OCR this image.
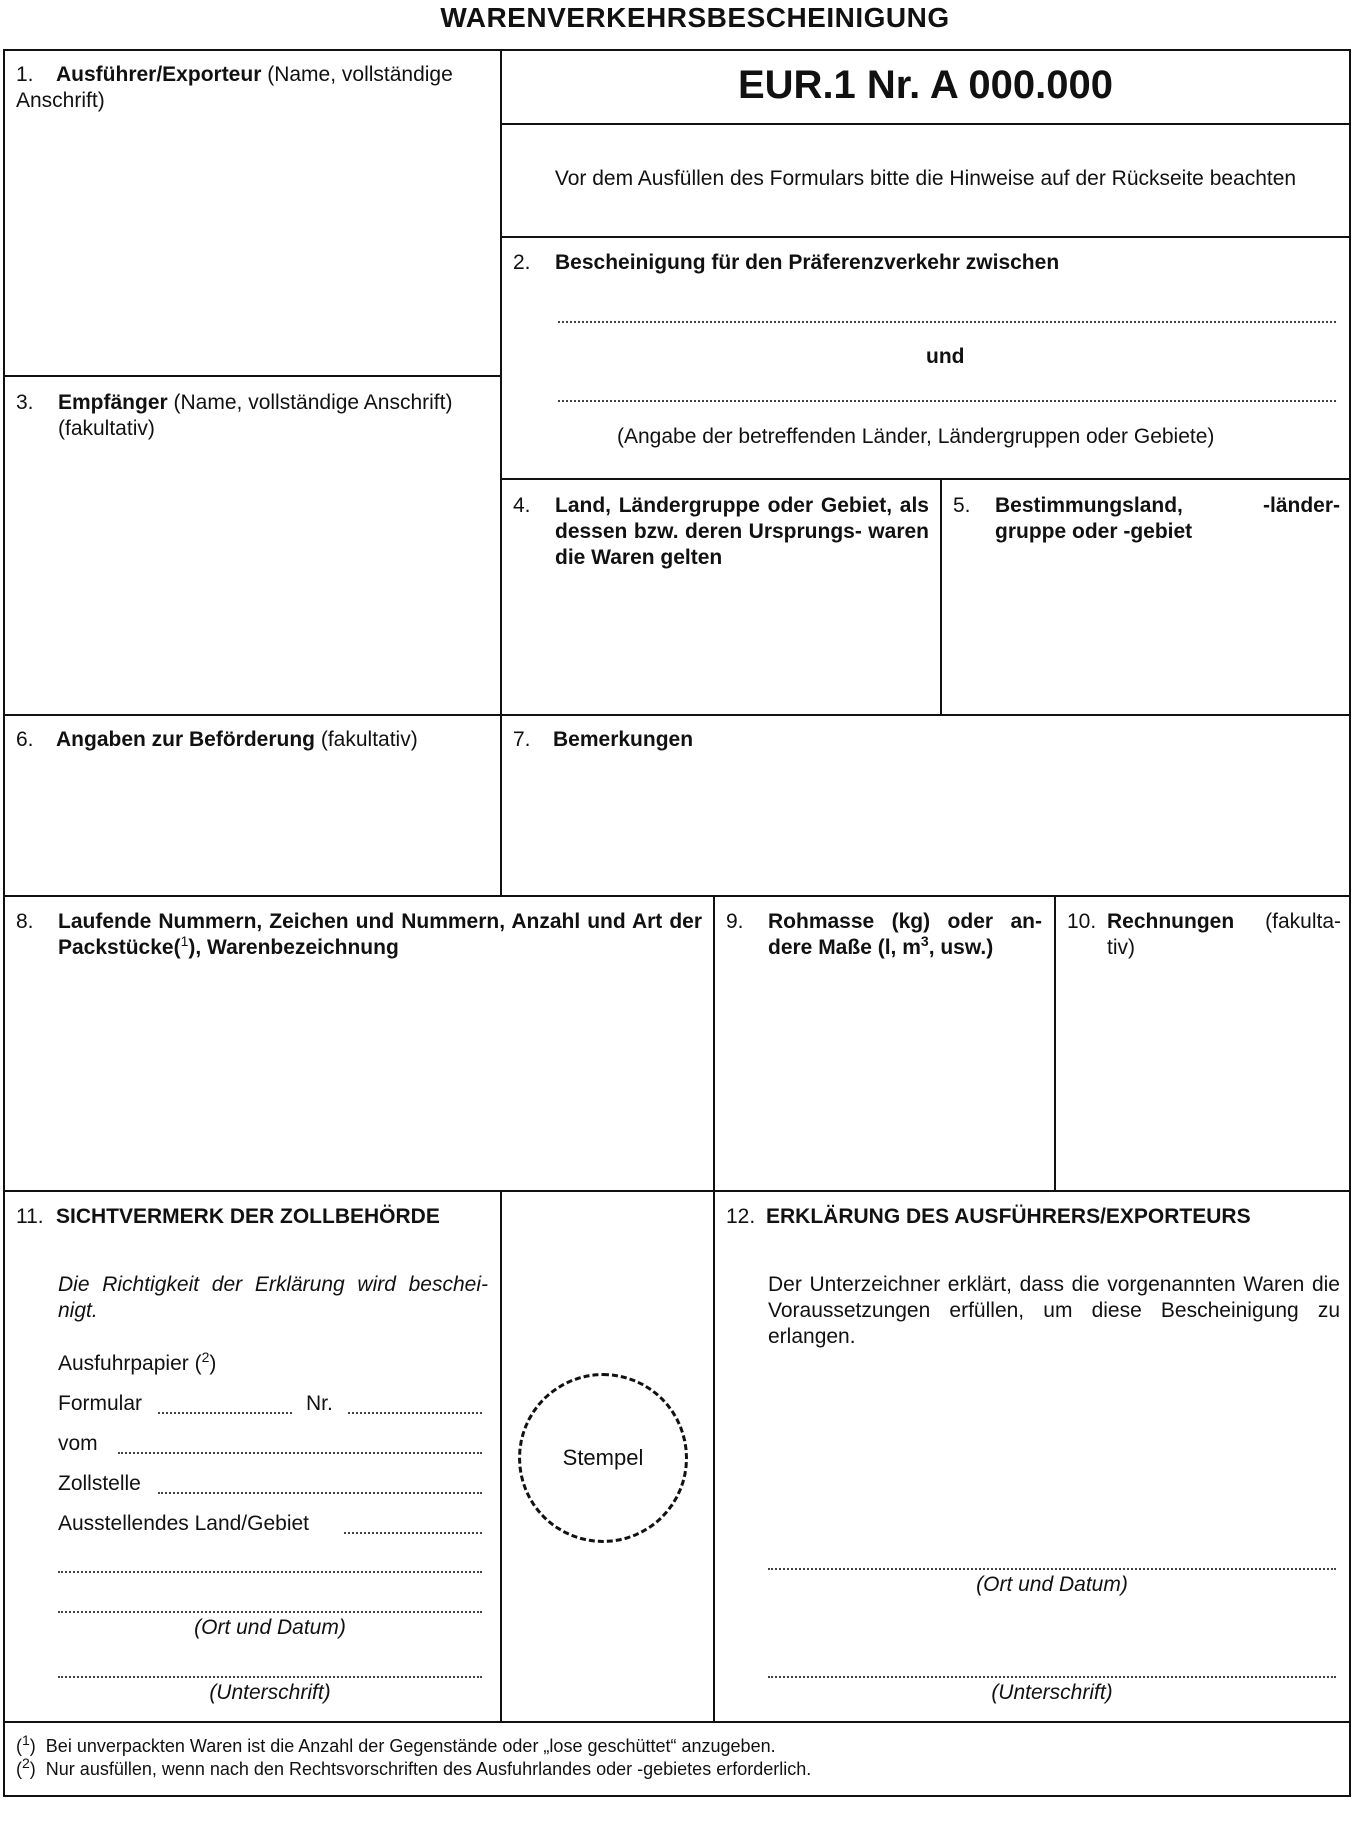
WARENVERKEHRSBESCHEINIGUNG
1. Ausführer/Exporteur (Name, vollständige Anschrift)	EUR.1 Nr. A 000.000
Vor dem Ausfüllen des Formulars bitte die Hinweise auf der Rückseite beachten
2. Bescheinigung für den Präferenzverkehr zwischen
und
(Angabe der betreffenden Länder, Ländergruppen oder Gebiete)
3. Empfänger (Name, vollständige Anschrift) (fakultativ)
4. Land, Ländergruppe oder Gebiet, als dessen bzw. deren Ursprungs- waren die Waren gelten
5. Bestimmungsland, -länder- gruppe oder -gebiet
6. Angaben zur Beförderung (fakultativ)	7. Bemerkungen
8. Laufende Nummern, Zeichen und Nummern, Anzahl und Art der Packstücke($^1$), Warenbezeichnung
9. Rohmasse (kg) oder an- dere Maße (l, $m^3$, usw.)
10. Rechnungen (fakulta- tiv)
11. SICHTVERMERK DER ZOLLBEHÖRDE
Die Richtigkeit der Erklärung wird beschei- nigt.
Ausfuhrpapier ($^2$)
Formular	Nr.
vom
Zollstelle
Ausstellendes Land/Gebiet
(Ort und Datum)
(Unterschrift)
Stempel
12. ERKLÄRUNG DES AUSFÜHRERS/EXPORTEURS
Der Unterzeichner erklärt, dass die vorgenannten Waren die Voraussetzungen erfüllen, um diese Bescheinigung zu erlangen.
(Ort und Datum)
(Unterschrift)
($^1$)  Bei unverpackten Waren ist die Anzahl der Gegenstände oder „lose geschüttet“ anzugeben.
($^2$)  Nur ausfüllen, wenn nach den Rechtsvorschriften des Ausfuhrlandes oder -gebietes erforderlich.
